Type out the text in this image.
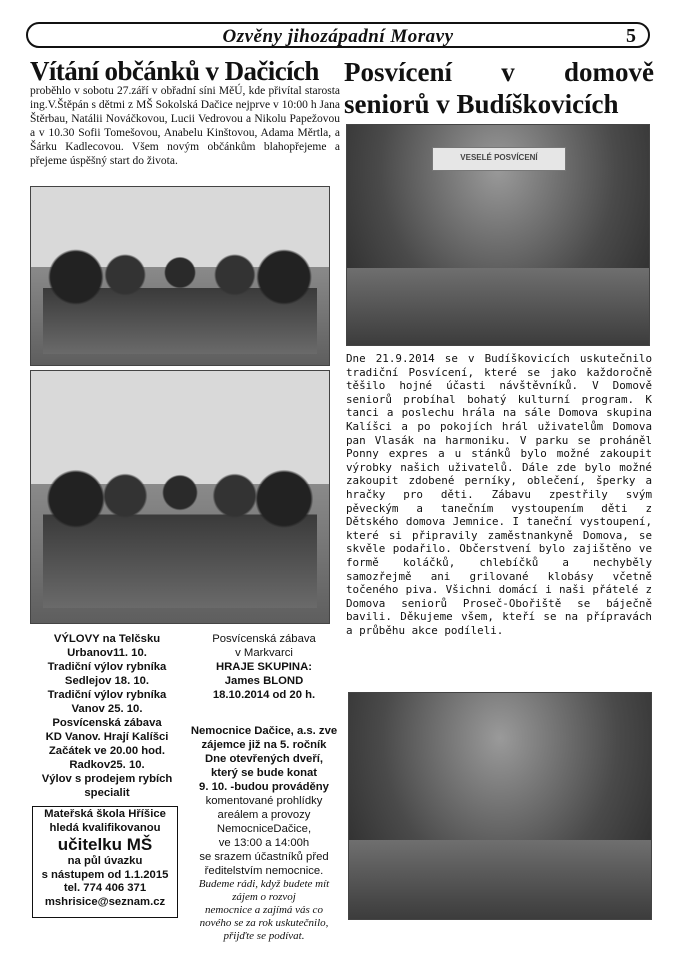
Ozvěny jihozápadní Moravy	5
Vítání občánků v Dačicích
proběhlo v sobotu 27.září v obřadní síni MěÚ, kde přivítal starosta ing.V.Štěpán s dětmi z MŠ Sokolská Dačice nejprve v 10:00 h Jana Štěrbau, Natálii Nováčkovou, Lucii Vedrovou a Nikolu Papežovou a v 10.30 Sofii Tomešovou, Anabelu Kinštovou, Adama Měrtla, a Šárku Kadlecovou. Všem novým občánkům blahopřejeme a přejeme úspěšný start do života.
Posvícení v domově
seniorů v Budíškovicích
VESELÉ POSVÍCENÍ
Dne 21.9.2014 se v Budíškovicích uskutečnilo tradiční Posvícení, které se jako každoročně těšilo hojné účasti návštěvníků. V Domově seniorů probíhal bohatý kulturní program. K tanci a poslechu hrála na sále Domova skupina Kalíšci a po pokojích hrál uživatelům Domova pan Vlasák na harmoniku. V parku se proháněl Ponny expres a u stánků bylo možné zakoupit výrobky našich uživatelů. Dále zde bylo možné zakoupit zdobené perníky, oblečení, šperky a hračky pro děti. Zábavu zpestřily svým pěveckým a tanečním vystoupením děti z Dětského domova Jemnice. I taneční vystoupení, které si připravily zaměstnankyně Domova, se skvěle podařilo. Občerstvení bylo zajištěno ve formě koláčků, chlebíčků a nechyběly samozřejmě ani grilované klobásy včetně točeného piva. Všichni domácí i naši přátelé z Domova seniorů Proseč-Obořiště se báječně bavili. Děkujeme všem, kteří se na přípravách a průběhu akce podíleli.
VÝLOVY na Telčsku
Urbanov11. 10.
Tradiční výlov rybníka
Sedlejov 18. 10.
Tradiční výlov rybníka
Vanov 25. 10.
Posvícenská zábava
KD Vanov. Hrají Kalíšci
Začátek ve 20.00 hod.
Radkov25. 10.
Výlov s prodejem rybích
specialit
Mateřská škola Hříšice
hledá kvalifikovanou
učitelku MŠ
na půl úvazku
s nástupem od 1.1.2015
tel. 774 406 371
mshrisice@seznam.cz
Posvícenská zábava
v Markvarci
HRAJE SKUPINA:
James BLOND
18.10.2014 od 20 h.
Nemocnice Dačice, a.s. zve
zájemce již na 5. ročník
Dne otevřených dveří,
který se bude konat
9. 10. -budou prováděny
komentované prohlídky
areálem a provozy
NemocniceDačice,
ve 13:00 a 14:00h
se srazem účastníků před
ředitelstvím nemocnice.
Budeme rádi, když budete mít zájem o rozvoj
nemocnice a zajímá vás co
nového se za rok uskutečnilo,
přijďte se podívat.
